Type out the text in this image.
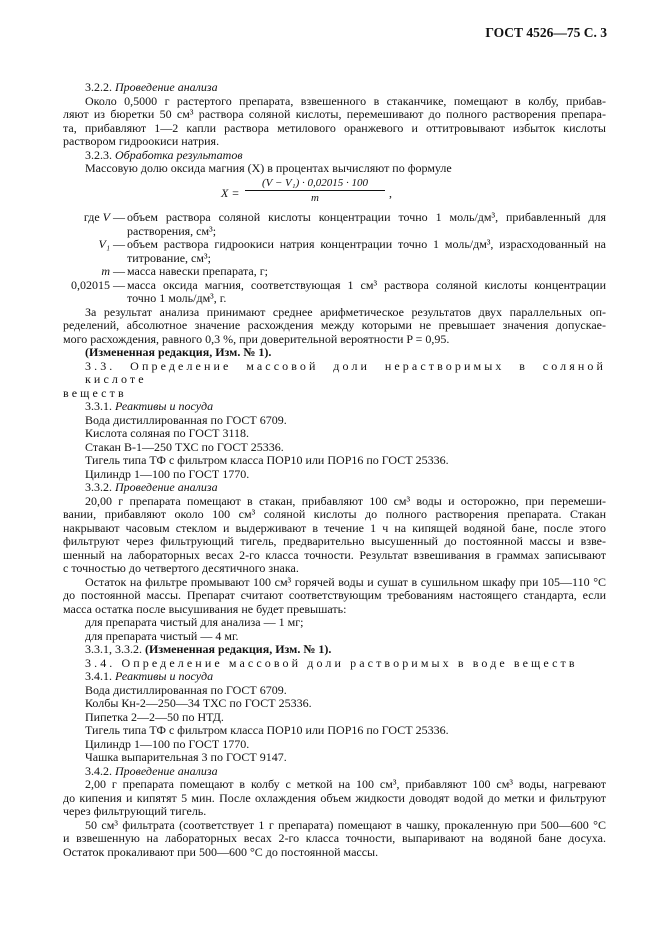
ГОСТ 4526—75 С. 3
3.2.2. Проведение анализа
Около 0,5000 г растертого препарата, взвешенного в стаканчике, помещают в колбу, прибав-
ляют из бюретки 50 см³ раствора соляной кислоты, перемешивают до полного растворения препара-
та, прибавляют 1—2 капли раствора метилового оранжевого и оттитровывают избыток кислоты
раствором гидроокиси натрия.
3.2.3. Обработка результатов
Массовую долю оксида магния (X) в процентах вычисляют по формуле
X =
(V − V₁) · 0,02015 · 100
m	,
где V — объем раствора соляной кислоты концентрации точно 1 моль/дм³, прибавленный для
растворения, см³;
V₁ — объем раствора гидроокиси натрия концентрации точно 1 моль/дм³, израсходованный на
титрование, см³;
m — масса навески препарата, г;
0,02015 — масса оксида магния, соответствующая 1 см³ раствора соляной кислоты концентрации
точно 1 моль/дм³, г.
За результат анализа принимают среднее арифметическое результатов двух параллельных оп-
ределений, абсолютное значение расхождения между которыми не превышает значения допускае-
мого расхождения, равного 0,3 %, при доверительной вероятности P = 0,95.
(Измененная редакция, Изм. № 1).
3.3. Определение массовой доли нерастворимых в соляной кислоте
веществ
3.3.1. Реактивы и посуда
Вода дистиллированная по ГОСТ 6709.
Кислота соляная по ГОСТ 3118.
Стакан В-1—250 ТХС по ГОСТ 25336.
Тигель типа ТФ с фильтром класса ПОР10 или ПОР16 по ГОСТ 25336.
Цилиндр 1—100 по ГОСТ 1770.
3.3.2. Проведение анализа
20,00 г препарата помещают в стакан, прибавляют 100 см³ воды и осторожно, при перемеши-
вании, прибавляют около 100 см³ соляной кислоты до полного растворения препарата. Стакан
накрывают часовым стеклом и выдерживают в течение 1 ч на кипящей водяной бане, после этого
фильтруют через фильтрующий тигель, предварительно высушенный до постоянной массы и взве-
шенный на лабораторных весах 2-го класса точности. Результат взвешивания в граммах записывают
с точностью до четвертого десятичного знака.
Остаток на фильтре промывают 100 см³ горячей воды и сушат в сушильном шкафу при 105—110 °С
до постоянной массы. Препарат считают соответствующим требованиям настоящего стандарта, если
масса остатка после высушивания не будет превышать:
для препарата чистый для анализа — 1 мг;
для препарата чистый — 4 мг.
3.3.1, 3.3.2. (Измененная редакция, Изм. № 1).
3.4. Определение массовой доли растворимых в воде веществ
3.4.1. Реактивы и посуда
Вода дистиллированная по ГОСТ 6709.
Колбы Кн-2—250—34 ТХС по ГОСТ 25336.
Пипетка 2—2—50 по НТД.
Тигель типа ТФ с фильтром класса ПОР10 или ПОР16 по ГОСТ 25336.
Цилиндр 1—100 по ГОСТ 1770.
Чашка выпарительная 3 по ГОСТ 9147.
3.4.2. Проведение анализа
2,00 г препарата помещают в колбу с меткой на 100 см³, прибавляют 100 см³ воды, нагревают
до кипения и кипятят 5 мин. После охлаждения объем жидкости доводят водой до метки и фильтруют
через фильтрующий тигель.
50 см³ фильтрата (соответствует 1 г препарата) помещают в чашку, прокаленную при 500—600 °С
и взвешенную на лабораторных весах 2-го класса точности, выпаривают на водяной бане досуха.
Остаток прокаливают при 500—600 °С до постоянной массы.
